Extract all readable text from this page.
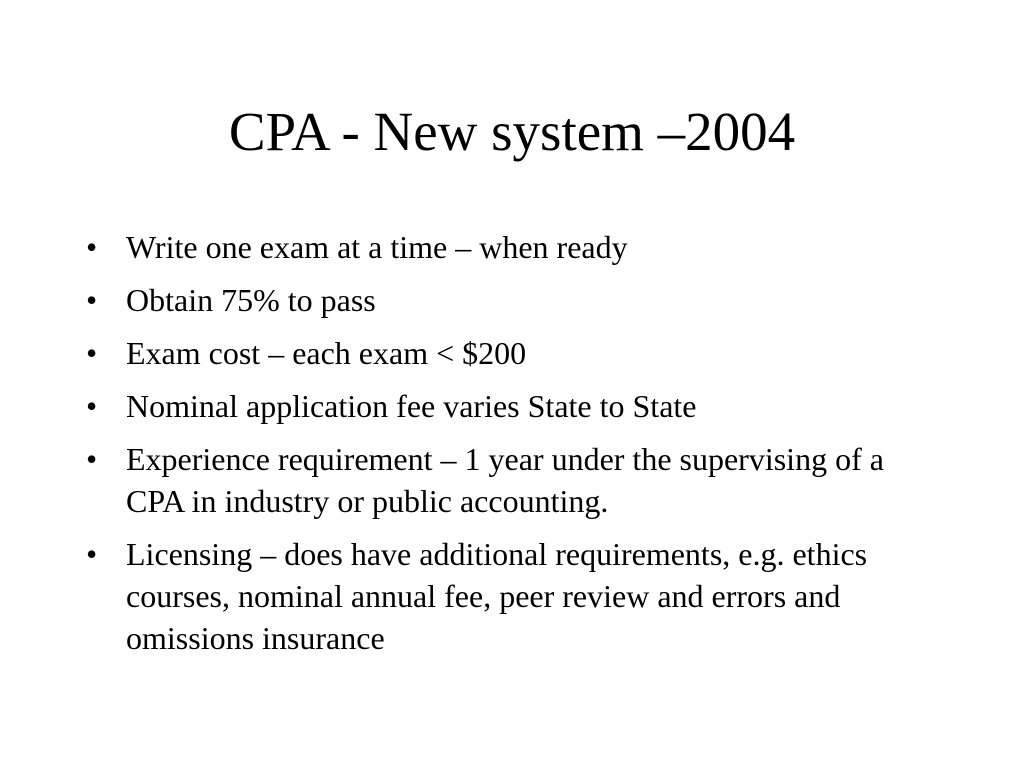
CPA - New system –2004
• Write one exam at a time – when ready
• Obtain 75% to pass
• Exam cost – each exam < $200
• Nominal application fee varies State to State
• Experience requirement – 1 year under the supervising of a CPA in industry or public accounting.
• Licensing – does have additional requirements, e.g. ethics courses, nominal annual fee, peer review and errors and omissions insurance
